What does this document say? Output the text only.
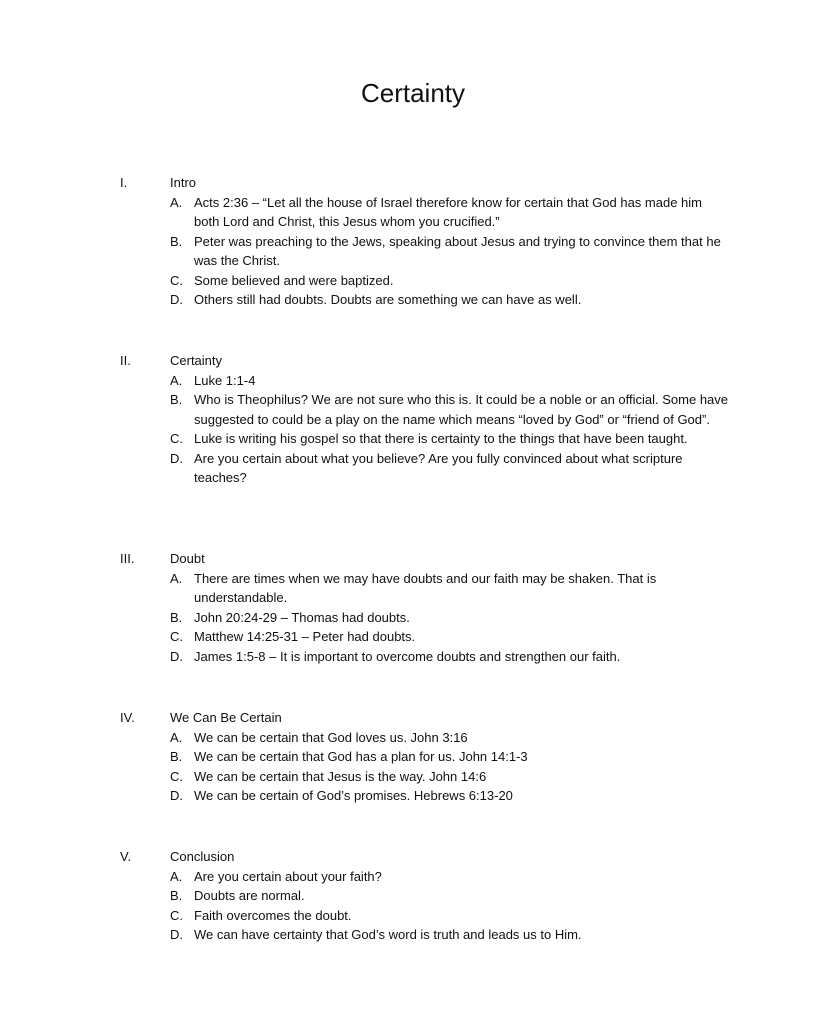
Certainty
I.	Intro
A. Acts 2:36 – “Let all the house of Israel therefore know for certain that God has made him both Lord and Christ, this Jesus whom you crucified.”
B. Peter was preaching to the Jews, speaking about Jesus and trying to convince them that he was the Christ.
C. Some believed and were baptized.
D. Others still had doubts. Doubts are something we can have as well.
II.	Certainty
A. Luke 1:1-4
B. Who is Theophilus? We are not sure who this is. It could be a noble or an official. Some have suggested to could be a play on the name which means “loved by God” or “friend of God”.
C. Luke is writing his gospel so that there is certainty to the things that have been taught.
D. Are you certain about what you believe? Are you fully convinced about what scripture teaches?
III.	Doubt
A. There are times when we may have doubts and our faith may be shaken. That is understandable.
B. John 20:24-29 – Thomas had doubts.
C. Matthew 14:25-31 – Peter had doubts.
D. James 1:5-8 – It is important to overcome doubts and strengthen our faith.
IV.	We Can Be Certain
A. We can be certain that God loves us. John 3:16
B. We can be certain that God has a plan for us. John 14:1-3
C. We can be certain that Jesus is the way. John 14:6
D. We can be certain of God’s promises. Hebrews 6:13-20
V.	Conclusion
A. Are you certain about your faith?
B. Doubts are normal.
C. Faith overcomes the doubt.
D. We can have certainty that God’s word is truth and leads us to Him.
